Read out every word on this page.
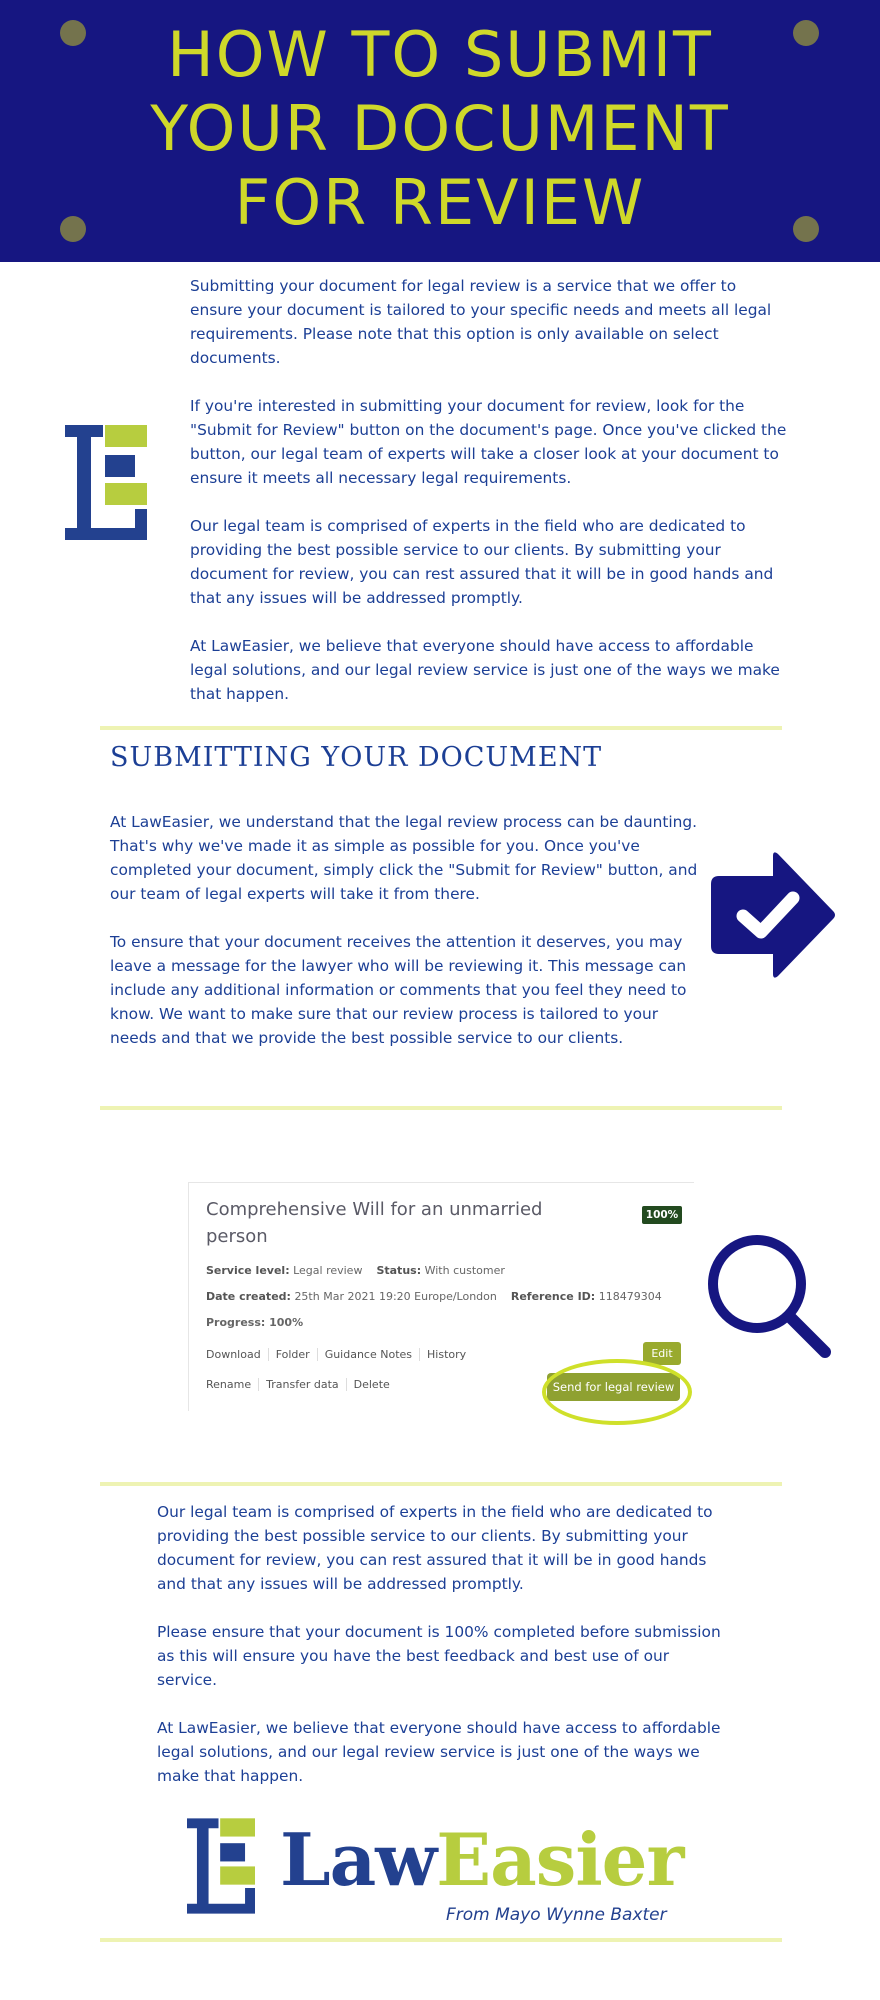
HOW TO SUBMIT
YOUR DOCUMENT
FOR REVIEW

Submitting your document for legal review is a service that we offer to ensure your document is tailored to your specific needs and meets all legal requirements. Please note that this option is only available on select documents.

If you're interested in submitting your document for review, look for the "Submit for Review" button on the document's page. Once you've clicked the button, our legal team of experts will take a closer look at your document to ensure it meets all necessary legal requirements.

Our legal team is comprised of experts in the field who are dedicated to providing the best possible service to our clients. By submitting your document for review, you can rest assured that it will be in good hands and that any issues will be addressed promptly.

At LawEasier, we believe that everyone should have access to affordable legal solutions, and our legal review service is just one of the ways we make that happen.

SUBMITTING YOUR DOCUMENT

At LawEasier, we understand that the legal review process can be daunting. That's why we've made it as simple as possible for you. Once you've completed your document, simply click the "Submit for Review" button, and our team of legal experts will take it from there.

To ensure that your document receives the attention it deserves, you may leave a message for the lawyer who will be reviewing it. This message can include any additional information or comments that you feel they need to know. We want to make sure that our review process is tailored to your needs and that we provide the best possible service to our clients.

Comprehensive Will for an unmarried person
100%
Service level: Legal review Status: With customer
Date created: 25th Mar 2021 19:20 Europe/London Reference ID: 118479304
Progress: 100%
Download Folder Guidance Notes History
Rename Transfer data Delete
Edit
Send for legal review

Our legal team is comprised of experts in the field who are dedicated to providing the best possible service to our clients. By submitting your document for review, you can rest assured that it will be in good hands and that any issues will be addressed promptly.

Please ensure that your document is 100% completed before submission as this will ensure you have the best feedback and best use of our service.

At LawEasier, we believe that everyone should have access to affordable legal solutions, and our legal review service is just one of the ways we make that happen.

LawEasier
From Mayo Wynne Baxter
